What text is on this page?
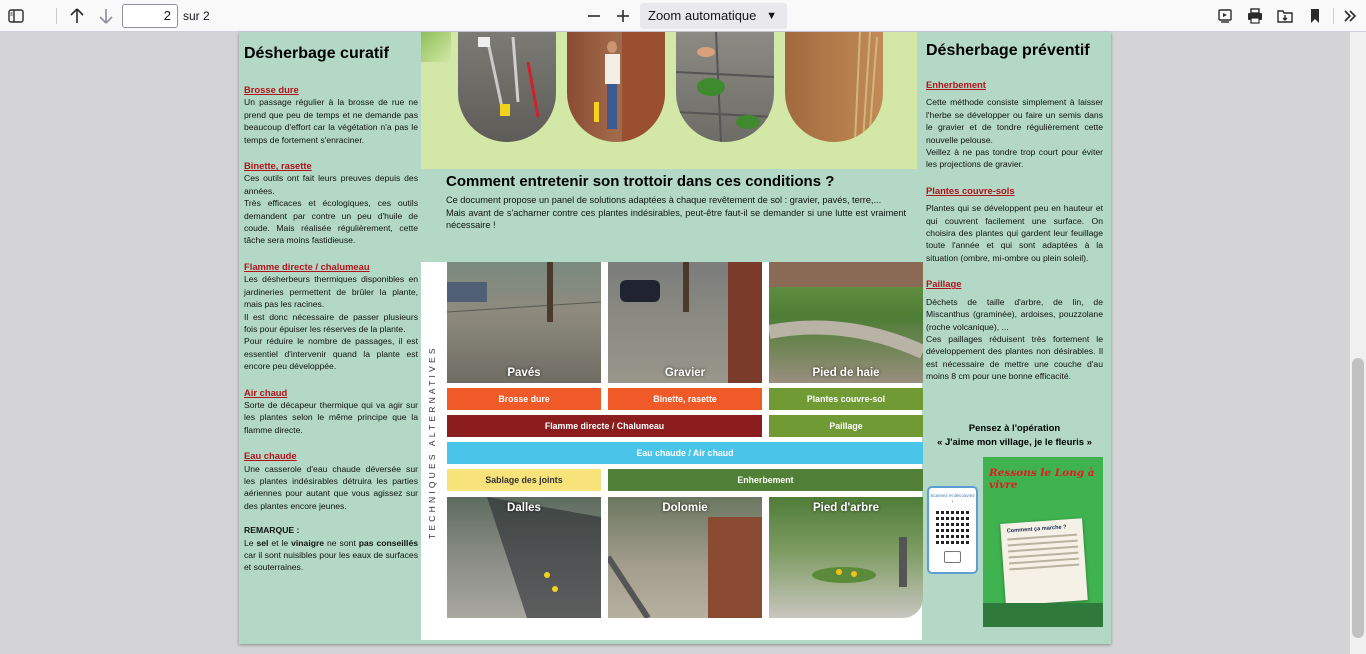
2	sur 2	Zoom automatique ▼
Désherbage curatif
Brosse dure
Un passage régulier à la brosse de rue ne prend que peu de temps et ne demande pas beaucoup d'effort car la végétation n'a pas le temps de fortement s'enraciner.
Binette, rasette
Ces outils ont fait leurs preuves depuis des années.
Très efficaces et écologiques, ces outils demandent par contre un peu d'huile de coude. Mais réalisée régulièrement, cette tâche sera moins fastidieuse.
Flamme directe / chalumeau
Les désherbeurs thermiques disponibles en jardineries permettent de brûler la plante, mais pas les racines.
Il est donc nécessaire de passer plusieurs fois pour épuiser les réserves de la plante.
Pour réduire le nombre de passages, il est essentiel d'intervenir quand la plante est encore peu développée.
Air chaud
Sorte de décapeur thermique qui va agir sur les plantes selon le même principe que la flamme directe.
Eau chaude
Une casserole d'eau chaude déversée sur les plantes indésirables détruira les parties aériennes pour autant que vous agissez sur des plantes encore jeunes.
REMARQUE :
Le sel et le vinaigre ne sont pas conseillés car il sont nuisibles pour les eaux de surfaces et souterraines.
Comment entretenir son trottoir dans ces conditions ?
Ce document propose un panel de solutions adaptées à chaque revêtement de sol : gravier, pavés, terre,...
Mais avant de s'acharner contre ces plantes indésirables, peut-être faut-il se demander si une lutte est vraiment nécessaire !
TECHNIQUES ALTERNATIVES	Pavés	Gravier	Pied de haie
Brosse dure	Binette, rasette	Plantes couvre-sol
Flamme directe / Chalumeau	Paillage
Eau chaude / Air chaud
Sablage des joints	Enherbement
Dalles	Dolomie	Pied d'arbre
Désherbage préventif
Enherbement
Cette méthode consiste simplement à laisser l'herbe se développer ou faire un semis dans le gravier et de tondre régulièrement cette nouvelle pelouse.
Veillez à ne pas tondre trop court pour éviter les projections de gravier.
Plantes couvre-sols
Plantes qui se développent peu en hauteur et qui couvrent facilement une surface. On choisira des plantes qui gardent leur feuillage toute l'année et qui sont adaptées à la situation (ombre, mi-ombre ou plein soleil).
Paillage
Déchets de taille d'arbre, de lin, de Miscanthus (graminée), ardoises, pouzzolane (roche volcanique), ...
Ces paillages réduisent très fortement le développement des plantes non désirables. Il est nécessaire de mettre une couche d'au moins 8 cm pour une bonne efficacité.
Pensez à l'opération
« J'aime mon village, je le fleuris »
Scannez et découvrez !
Ressons le Long à vivre
Comment ça marche ?
